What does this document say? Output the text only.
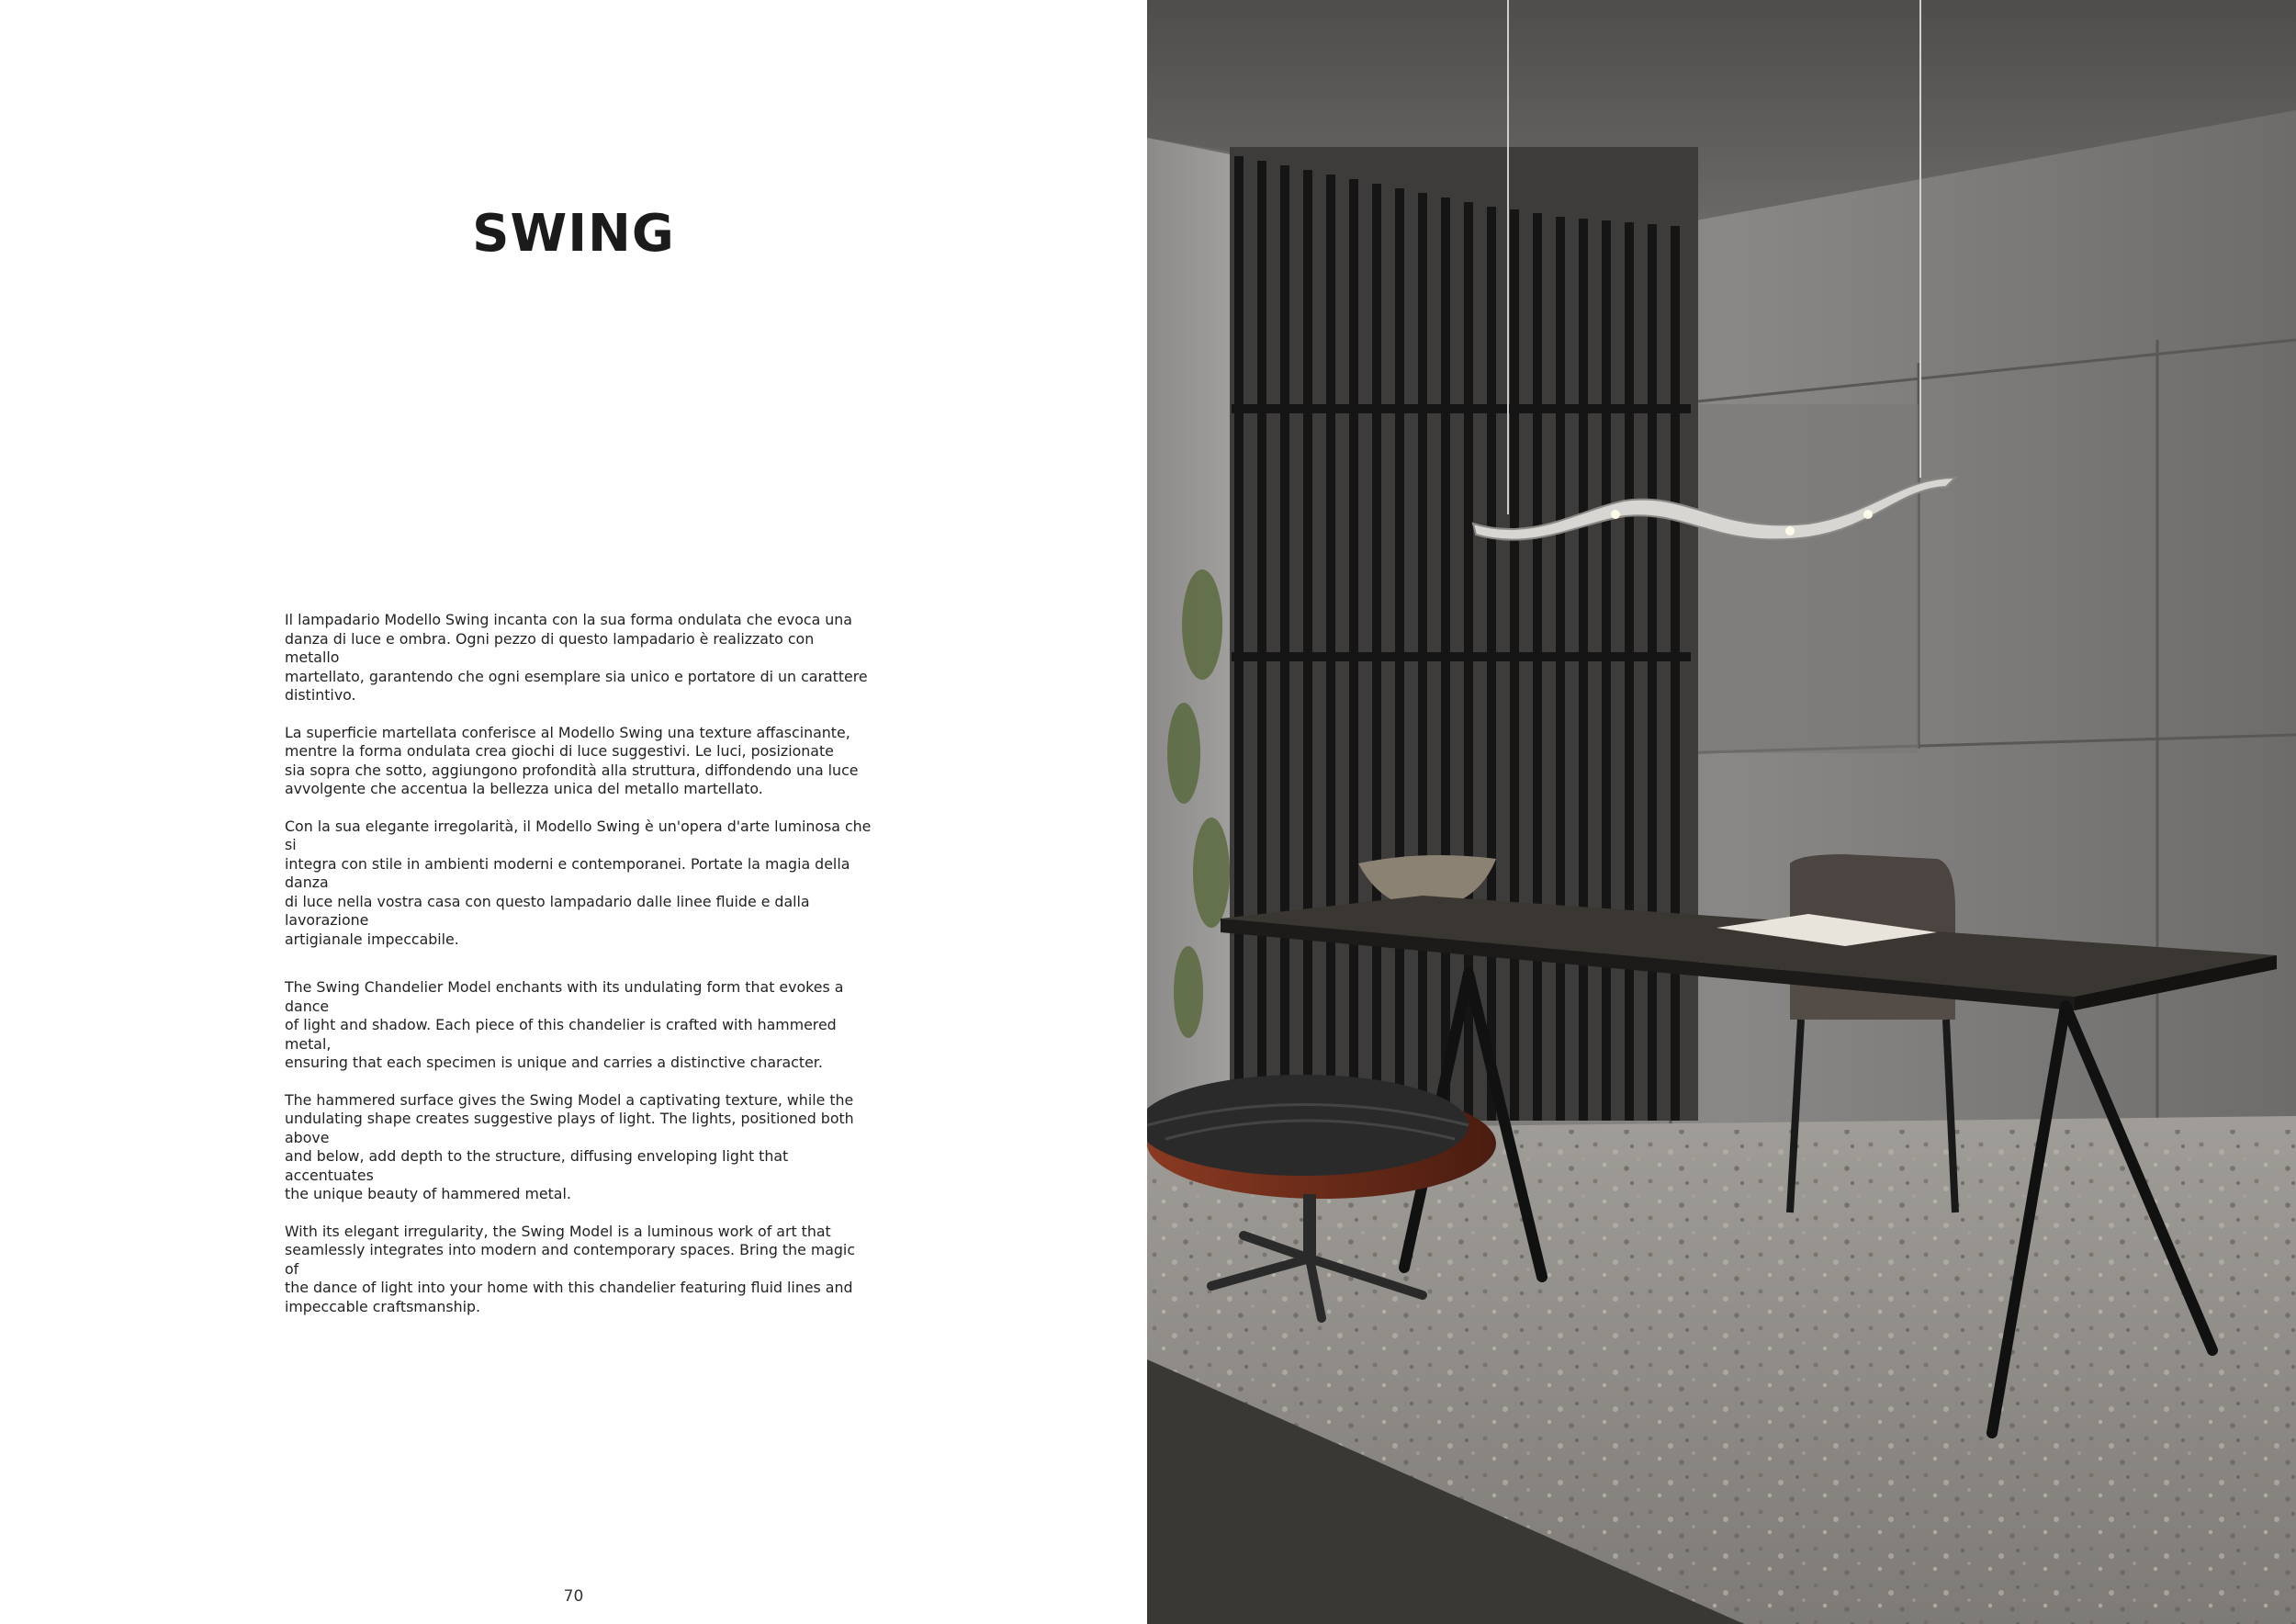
SWING

Il lampadario Modello Swing incanta con la sua forma ondulata che evoca una
danza di luce e ombra. Ogni pezzo di questo lampadario è realizzato con metallo
martellato, garantendo che ogni esemplare sia unico e portatore di un carattere
distintivo.

La superficie martellata conferisce al Modello Swing una texture affascinante,
mentre la forma ondulata crea giochi di luce suggestivi. Le luci, posizionate
sia sopra che sotto, aggiungono profondità alla struttura, diffondendo una luce
avvolgente che accentua la bellezza unica del metallo martellato.

Con la sua elegante irregolarità, il Modello Swing è un'opera d'arte luminosa che si
integra con stile in ambienti moderni e contemporanei. Portate la magia della danza
di luce nella vostra casa con questo lampadario dalle linee fluide e dalla lavorazione
artigianale impeccabile.

The Swing Chandelier Model enchants with its undulating form that evokes a dance
of light and shadow. Each piece of this chandelier is crafted with hammered metal,
ensuring that each specimen is unique and carries a distinctive character.

The hammered surface gives the Swing Model a captivating texture, while the
undulating shape creates suggestive plays of light. The lights, positioned both above
and below, add depth to the structure, diffusing enveloping light that accentuates
the unique beauty of hammered metal.

With its elegant irregularity, the Swing Model is a luminous work of art that
seamlessly integrates into modern and contemporary spaces. Bring the magic of
the dance of light into your home with this chandelier featuring fluid lines and
impeccable craftsmanship.

70
